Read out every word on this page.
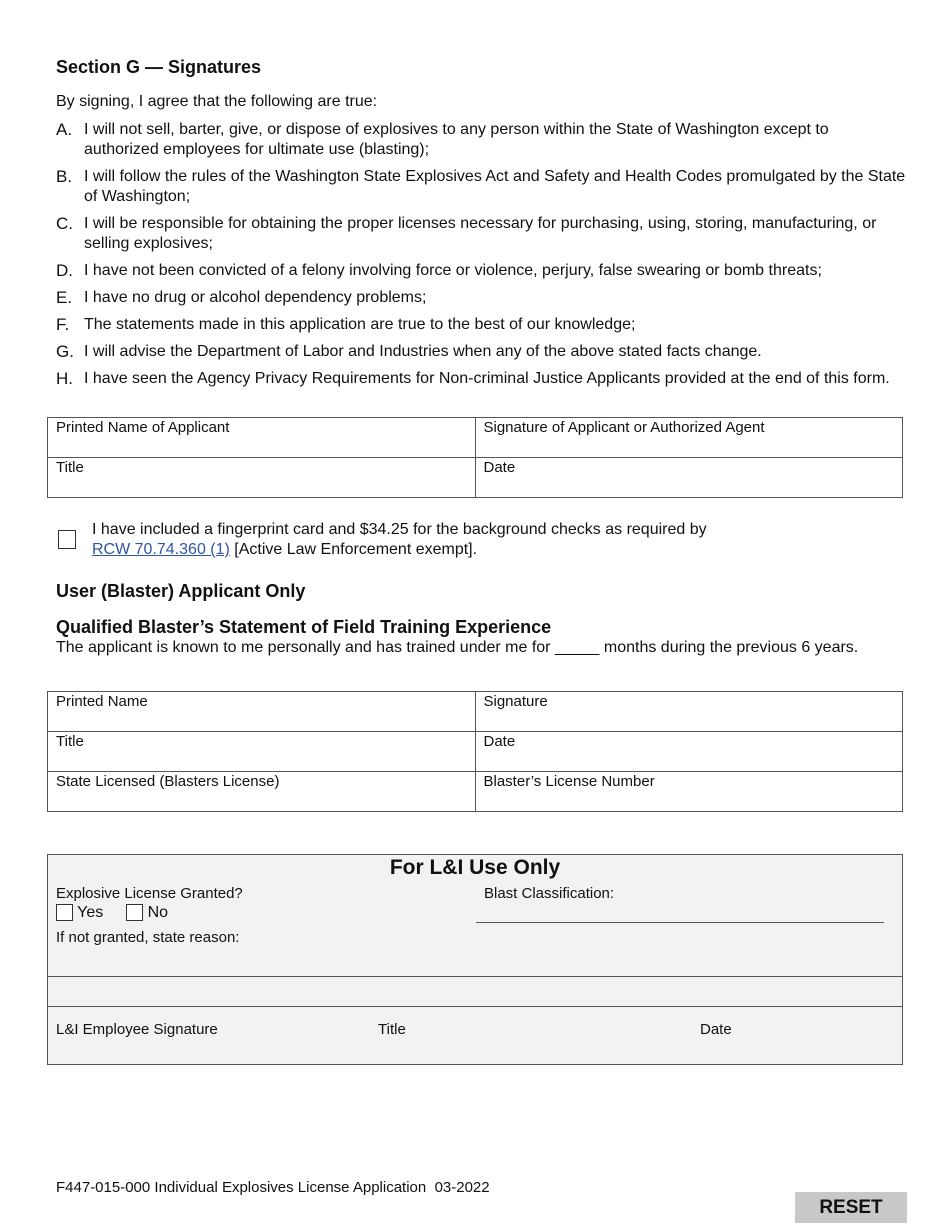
Section G — Signatures

By signing, I agree that the following are true:

A. I will not sell, barter, give, or dispose of explosives to any person within the State of Washington except to authorized employees for ultimate use (blasting);
B. I will follow the rules of the Washington State Explosives Act and Safety and Health Codes promulgated by the State of Washington;
C. I will be responsible for obtaining the proper licenses necessary for purchasing, using, storing, manufacturing, or selling explosives;
D. I have not been convicted of a felony involving force or violence, perjury, false swearing or bomb threats;
E. I have no drug or alcohol dependency problems;
F. The statements made in this application are true to the best of our knowledge;
G. I will advise the Department of Labor and Industries when any of the above stated facts change.
H. I have seen the Agency Privacy Requirements for Non-criminal Justice Applicants provided at the end of this form.
Printed Name of Applicant	Signature of Applicant or Authorized Agent
Title	Date

I have included a fingerprint card and $34.25 for the background checks as required by
RCW 70.74.360 (1) [Active Law Enforcement exempt].

User (Blaster) Applicant Only
Qualified Blaster’s Statement of Field Training Experience

The applicant is known to me personally and has trained under me for _____ months during the previous 6 years.

Printed Name	Signature
Title	Date
State Licensed (Blasters License)	Blaster’s License Number
For L&I Use Only
Explosive License Granted?
Yes	No
Blast Classification:
If not granted, state reason:
L&I Employee Signature	Title	Date
F447-015-000 Individual Explosives License Application  03-2022
RESET
